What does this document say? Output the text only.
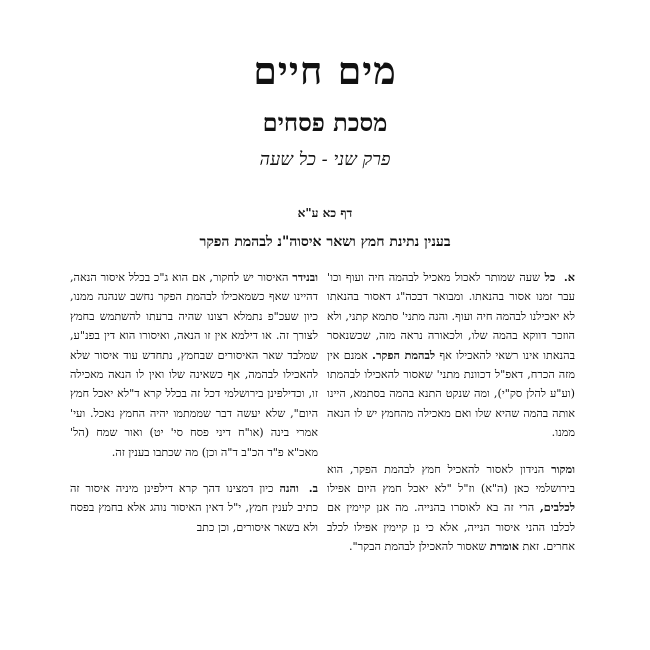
מים חיים
מסכת פסחים
פרק שני - כל שעה
דף כא ע"א
בענין נתינת חמץ ושאר איסוה"נ לבהמת הפקר

א. כל שעה שמותר לאכול מאכיל לבהמה חיה ועוף וכו' עבר זמנו אסור בהנאתו. ומבואר דבכה"ג דאסור בהנאתו לא יאכילנו לבהמה חיה ועוף. והנה מתני' סתמא קתני, ולא הוזכר דווקא בהמה שלו, ולכאורה נראה מזה, שכשנאסר בהנאתו אינו רשאי להאכילו אף לבהמת הפקר. אמנם אין מזה הכרח, דאפ"ל דכוונת מתני' שאסור להאכילו לבהמתו (וע"ע להלן סק"י), ומה שנקט התנא בהמה בסתמא, היינו אותה בהמה שהיא שלו ואם מאכילה מהחמץ יש לו הנאה ממנו.

ומקור הנידון לאסור להאכיל חמץ לבהמת הפקר, הוא בירושלמי כאן (ה"א) וז"ל "לא יאכל חמץ היום אפילו לכלבים, הרי זה בא לאוסרו בהנייה. מה אנן קיימין אם לכלבו ההני איסור הנייה, אלא כי נן קיימין אפילו לכלב אחרים. זאת אומרת שאסור להאכילן לבהמת הבקר".

ובנידר האיסור יש לחקור, אם הוא ג"כ בכלל איסור הנאה, דהיינו שאף כשמאכילו לבהמת הפקר נחשב שנהנה ממנו, כיון שעכ"פ נתמלא רצונו שהיה ברעתו להשתמש בחמץ לצורך זה. או דילמא אין זו הנאה, ואיסורו הוא דין בפנ"ע, שמלבד שאר האיסורים שבחמץ, נתחדש עוד איסור שלא להאכילו לבהמה, אף כשאינה שלו ואין לו הנאה מאכילה זו, וכדילפינן בירושלמי דכל זה בכלל קרא ד"לא יאכל חמץ היום", שלא יעשה דבר שממתמו יהיה החמץ נאכל. ועי' אמרי בינה (או"ח דיני פסח סי' יט) ואור שמח (הל' מאכ"א פ"ד הכ"ב ד"ה וכן) מה שכתבו בענין זה.

ב. והנה כיון דמצינו דהך קרא דילפינן מיניה איסור זה כתיב לענין חמץ, י"ל דאין האיסור נוהג אלא בחמץ בפסח ולא בשאר איסורים, וכן כתב
